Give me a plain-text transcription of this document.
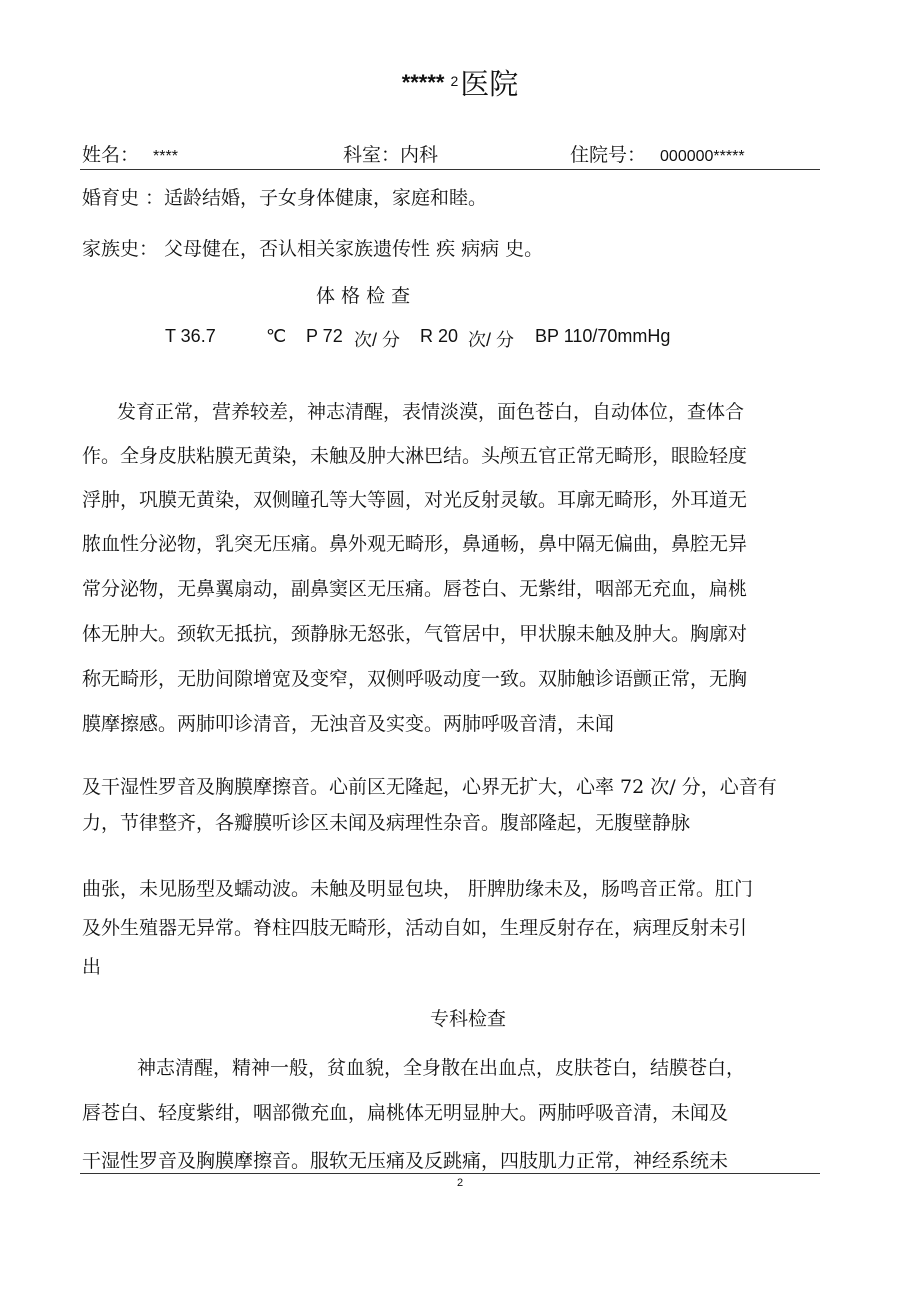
***** $^2$医院
姓名： ****	科室：内科	住院号： 000000*****
婚育史 ：适龄结婚，子女身体健康，家庭和睦。
家族史： 父母健在，否认相关家族遗传性 疾 病病 史。
体 格 检 查
T 36.7	℃ P 72 次/ 分 R 20 次/ 分 BP 110/70mmHg
发育正常，营养较差，神志清醒，表情淡漠，面色苍白，自动体位，查体合
作。全身皮肤粘膜无黄染，未触及肿大淋巴结。头颅五官正常无畸形，眼睑轻度
浮肿，巩膜无黄染，双侧瞳孔等大等圆，对光反射灵敏。耳廓无畸形，外耳道无
脓血性分泌物，乳突无压痛。鼻外观无畸形，鼻通畅，鼻中隔无偏曲，鼻腔无异
常分泌物，无鼻翼扇动，副鼻窦区无压痛。唇苍白、无紫绀，咽部无充血，扁桃
体无肿大。颈软无抵抗，颈静脉无怒张，气管居中，甲状腺未触及肿大。胸廓对
称无畸形，无肋间隙增宽及变窄，双侧呼吸动度一致。双肺触诊语颤正常，无胸
膜摩擦感。两肺叩诊清音，无浊音及实变。两肺呼吸音清，未闻
及干湿性罗音及胸膜摩擦音。心前区无隆起，心界无扩大，心率 72 次/ 分，心音有
力，节律整齐，各瓣膜听诊区未闻及病理性杂音。腹部隆起，无腹壁静脉
曲张，未见肠型及蠕动波。未触及明显包块， 肝脾肋缘未及，肠鸣音正常。肛门
及外生殖器无异常。脊柱四肢无畸形，活动自如，生理反射存在，病理反射未引
出
专科检查
神志清醒，精神一般，贫血貌，全身散在出血点，皮肤苍白，结膜苍白，
唇苍白、轻度紫绀，咽部微充血，扁桃体无明显肿大。两肺呼吸音清，未闻及
干湿性罗音及胸膜摩擦音。服软无压痛及反跳痛，四肢肌力正常，神经系统未
2
